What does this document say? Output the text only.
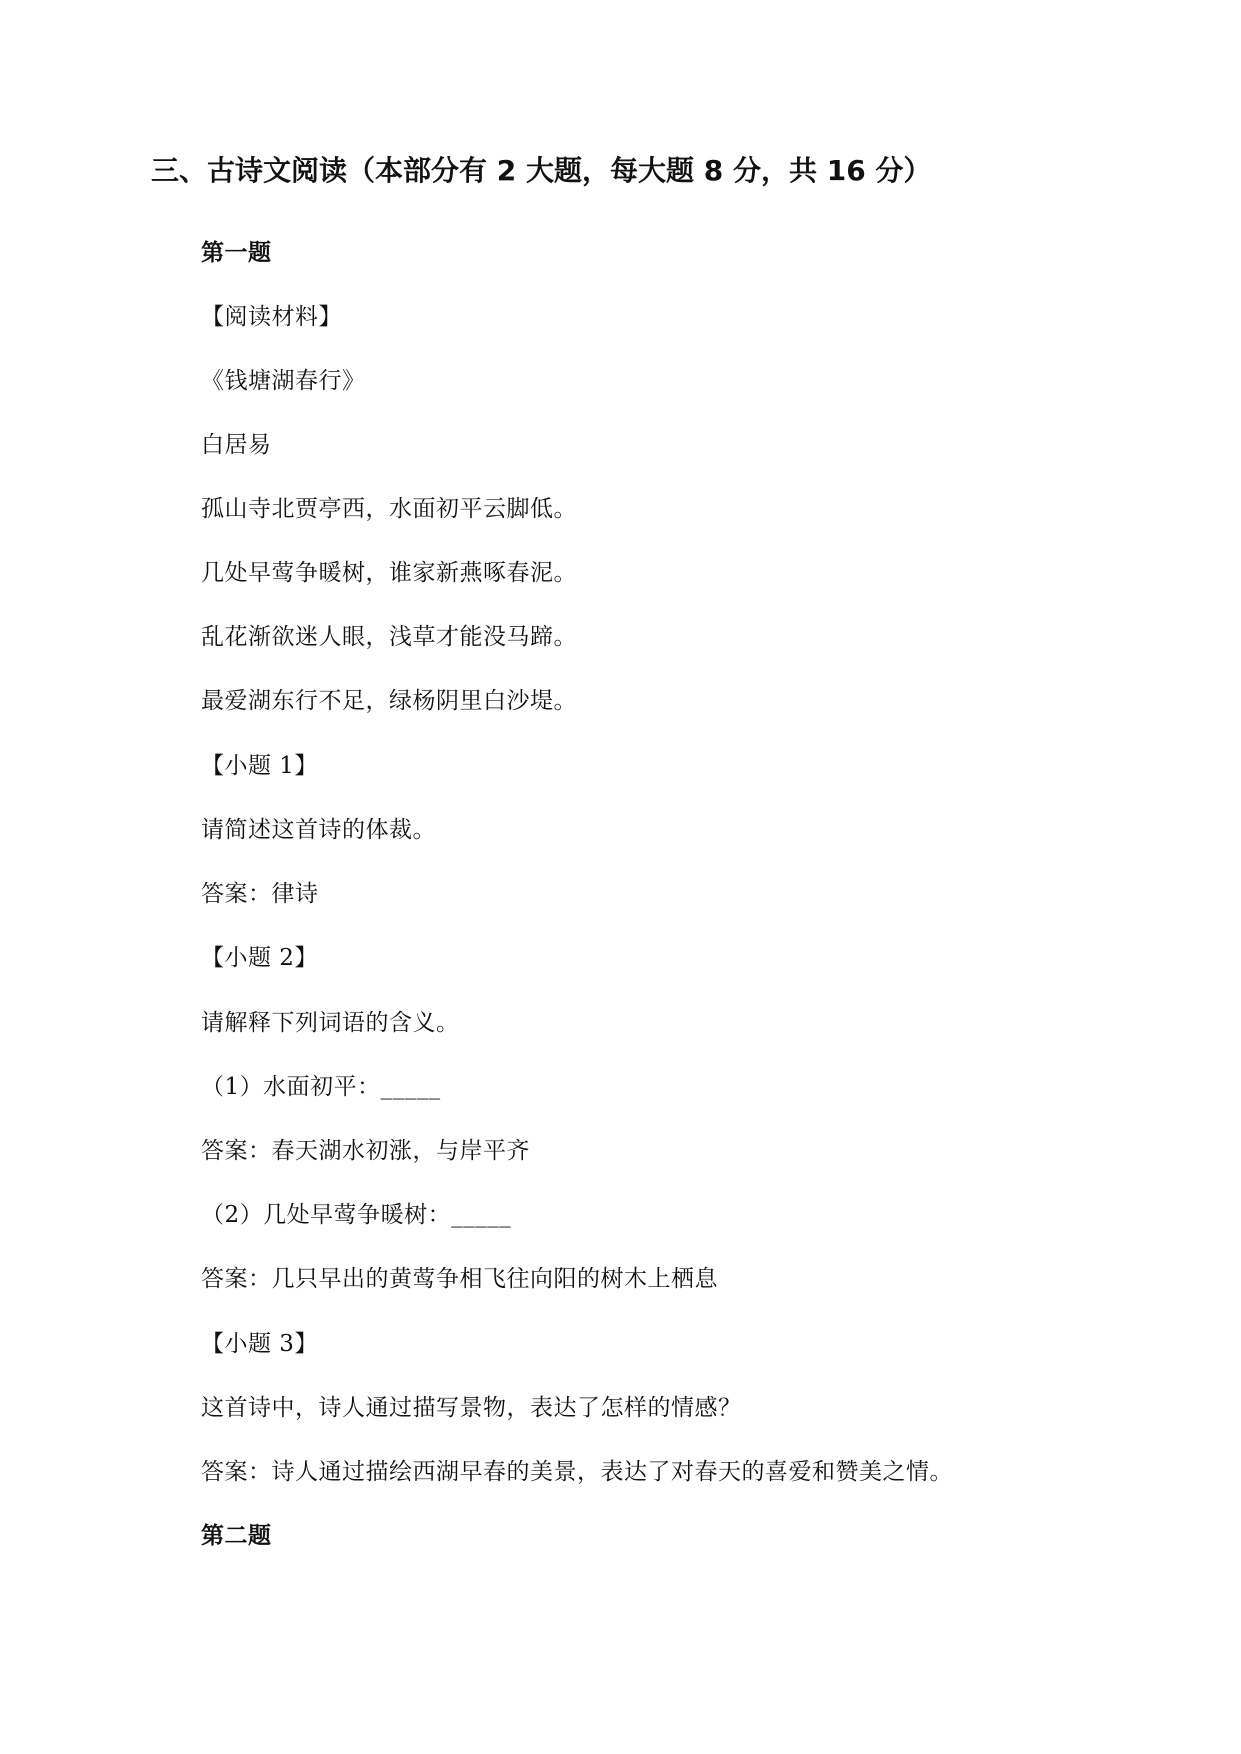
三、古诗文阅读（本部分有 2 大题，每大题 8 分，共 16 分）
第一题
【阅读材料】
《钱塘湖春行》
白居易
孤山寺北贾亭西，水面初平云脚低。
几处早莺争暖树，谁家新燕啄春泥。
乱花渐欲迷人眼，浅草才能没马蹄。
最爱湖东行不足，绿杨阴里白沙堤。
【小题 1】
请简述这首诗的体裁。
答案：律诗
【小题 2】
请解释下列词语的含义。
（1）水面初平：_____
答案：春天湖水初涨，与岸平齐
（2）几处早莺争暖树：_____
答案：几只早出的黄莺争相飞往向阳的树木上栖息
【小题 3】
这首诗中，诗人通过描写景物，表达了怎样的情感？
答案：诗人通过描绘西湖早春的美景，表达了对春天的喜爱和赞美之情。
第二题
